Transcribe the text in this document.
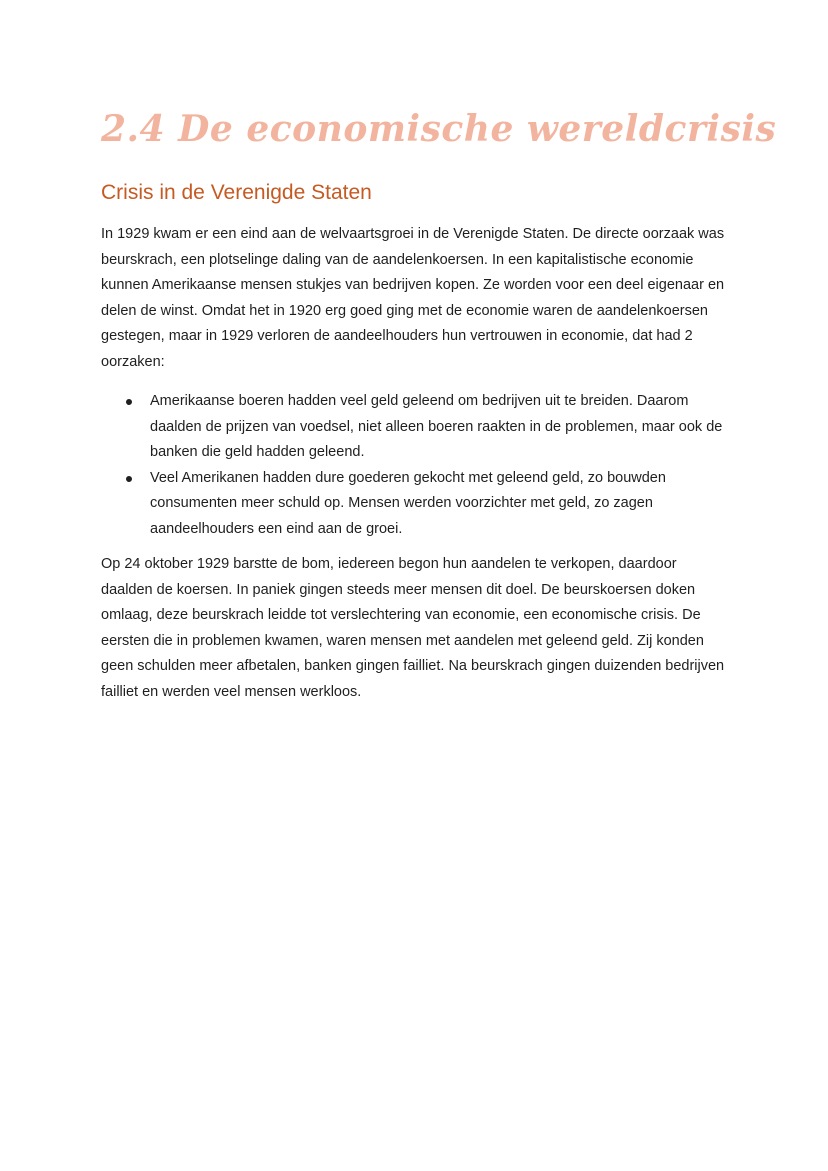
2.4 De economische wereldcrisis
Crisis in de Verenigde Staten

In 1929 kwam er een eind aan de welvaartsgroei in de Verenigde Staten. De directe oorzaak was beurskrach, een plotselinge daling van de aandelenkoersen. In een kapitalistische economie kunnen Amerikaanse mensen stukjes van bedrijven kopen. Ze worden voor een deel eigenaar en delen de winst. Omdat het in 1920 erg goed ging met de economie waren de aandelenkoersen gestegen, maar in 1929 verloren de aandeelhouders hun vertrouwen in economie, dat had 2 oorzaken:

Amerikaanse boeren hadden veel geld geleend om bedrijven uit te breiden. Daarom daalden de prijzen van voedsel, niet alleen boeren raakten in de problemen, maar ook de banken die geld hadden geleend.
Veel Amerikanen hadden dure goederen gekocht met geleend geld, zo bouwden consumenten meer schuld op. Mensen werden voorzichter met geld, zo zagen aandeelhouders een eind aan de groei.

Op 24 oktober 1929 barstte de bom, iedereen begon hun aandelen te verkopen, daardoor daalden de koersen. In paniek gingen steeds meer mensen dit doel. De beurskoersen doken omlaag, deze beurskrach leidde tot verslechtering van economie, een economische crisis. De eersten die in problemen kwamen, waren mensen met aandelen met geleend geld. Zij konden geen schulden meer afbetalen, banken gingen failliet. Na beurskrach gingen duizenden bedrijven failliet en werden veel mensen werkloos.
